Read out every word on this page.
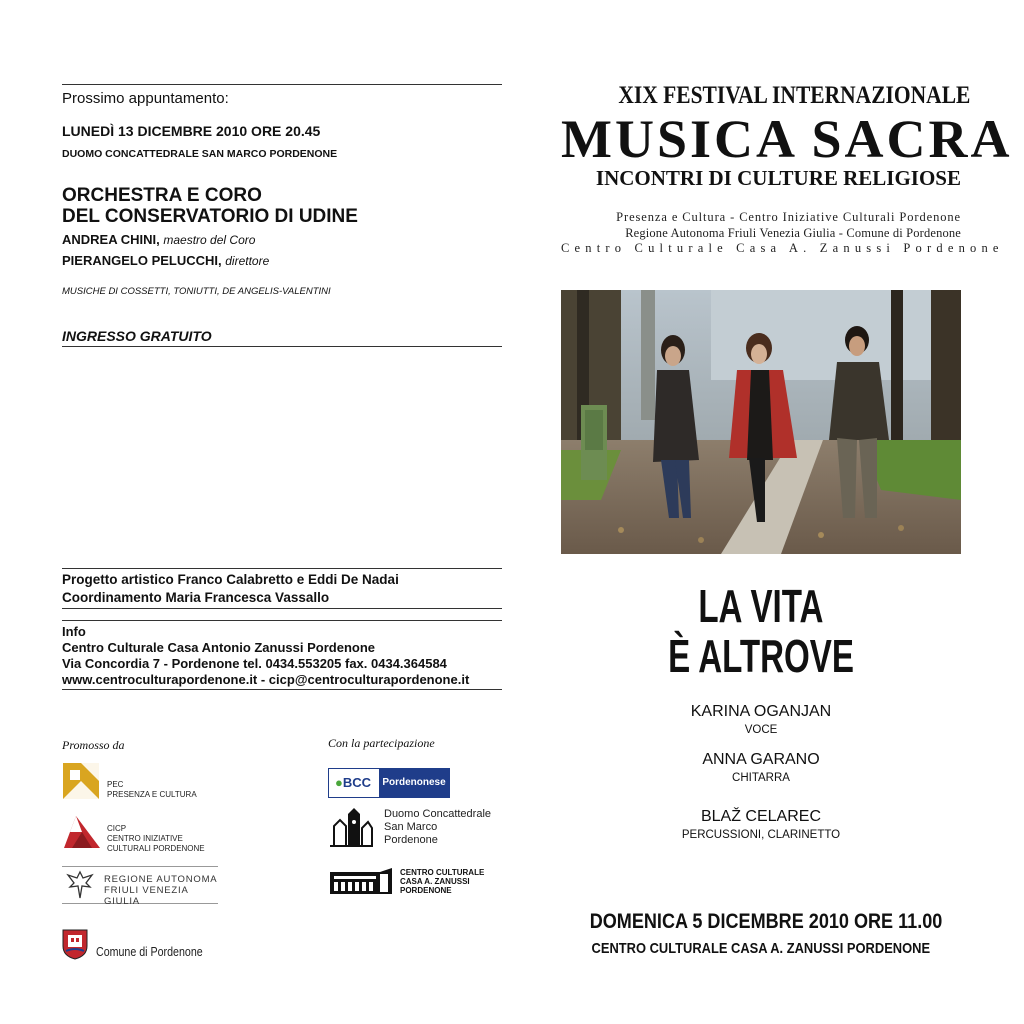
Prossimo appuntamento:
LUNEDÌ 13 DICEMBRE 2010 ORE 20.45
DUOMO CONCATTEDRALE SAN MARCO PORDENONE
ORCHESTRA E CORO
DEL CONSERVATORIO DI UDINE
ANDREA CHINI, maestro del Coro
PIERANGELO PELUCCHI, direttore
MUSICHE DI COSSETTI, TONIUTTI, DE ANGELIS-VALENTINI
INGRESSO GRATUITO
Progetto artistico Franco Calabretto e Eddi De Nadai
Coordinamento Maria Francesca Vassallo
Info
Centro Culturale Casa Antonio Zanussi Pordenone
Via Concordia 7 - Pordenone tel. 0434.553205 fax. 0434.364584
www.centroculturapordenone.it - cicp@centroculturapordenone.it
Promosso da
PEC
PRESENZA E CULTURA
CICP
CENTRO INIZIATIVE
CULTURALI PORDENONE
REGIONE AUTONOMA
FRIULI VENEZIA GIULIA
Comune di Pordenone
Con la partecipazione
●BCC	Pordenonese
Duomo Concattedrale
San Marco
Pordenone
CENTRO CULTURALE
CASA A. ZANUSSI
PORDENONE
XIX FESTIVAL INTERNAZIONALE
MUSICA SACRA
INCONTRI DI CULTURE RELIGIOSE
Presenza e Cultura - Centro Iniziative Culturali Pordenone
Regione Autonoma Friuli Venezia Giulia - Comune di Pordenone
Centro Culturale Casa A. Zanussi Pordenone
LA VITA
È ALTROVE
KARINA OGANJAN
VOCE
ANNA GARANO
CHITARRA
BLAŽ CELAREC
PERCUSSIONI, CLARINETTO
DOMENICA 5 DICEMBRE 2010 ORE 11.00
CENTRO CULTURALE CASA A. ZANUSSI PORDENONE
